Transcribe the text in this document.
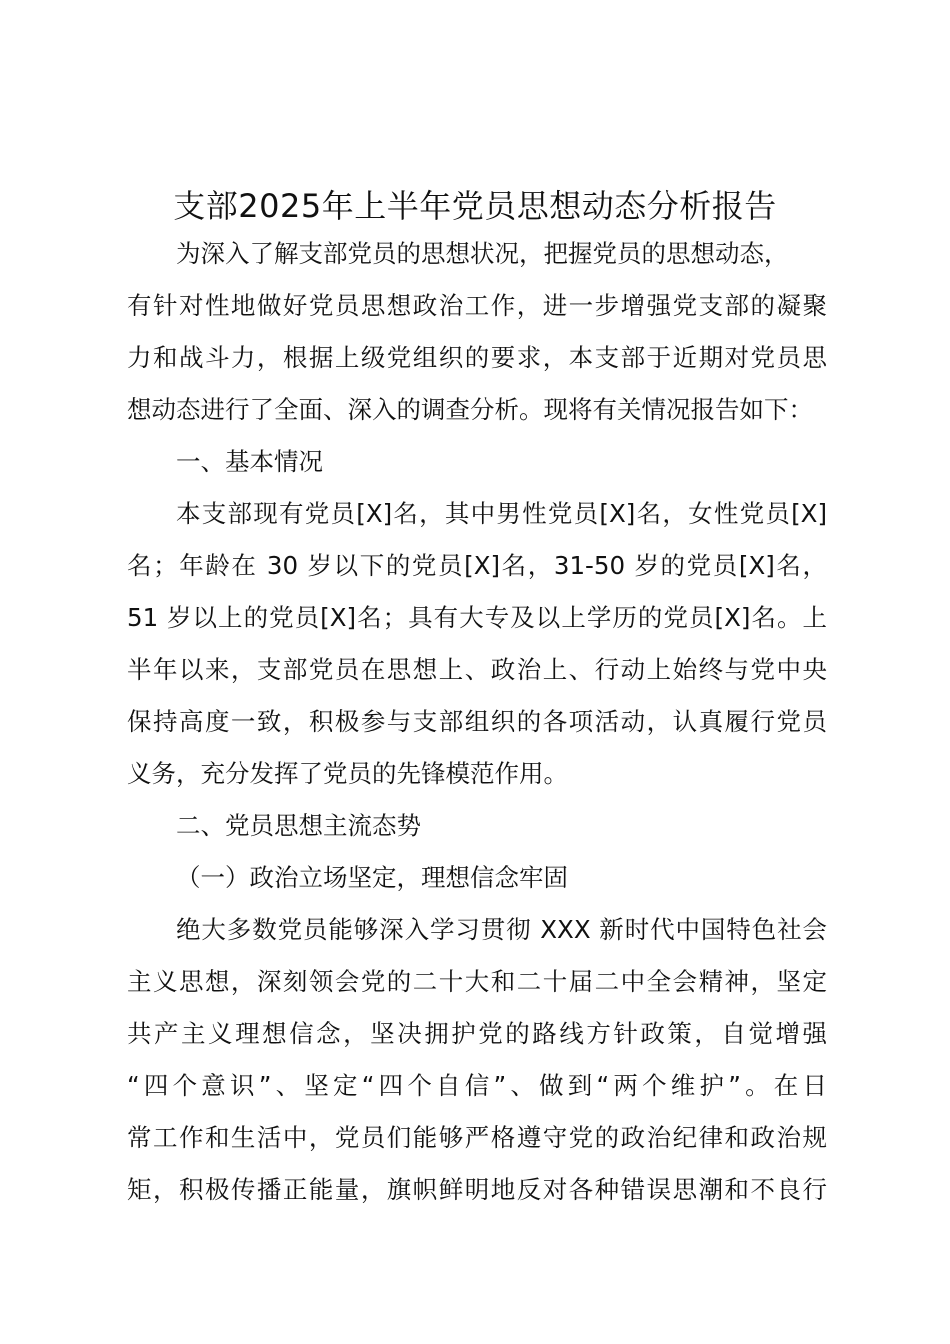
支部2025年上半年党员思想动态分析报告
为深入了解支部党员的思想状况，把握党员的思想动态，
有针对性地做好党员思想政治工作，进一步增强党支部的凝聚
力和战斗力，根据上级党组织的要求，本支部于近期对党员思
想动态进行了全面、深入的调查分析。现将有关情况报告如下：
一、基本情况
本支部现有党员[X]名，其中男性党员[X]名，女性党员[X]
名；年龄在 30 岁以下的党员[X]名，31-50 岁的党员[X]名，
51 岁以上的党员[X]名；具有大专及以上学历的党员[X]名。上
半年以来，支部党员在思想上、政治上、行动上始终与党中央
保持高度一致，积极参与支部组织的各项活动，认真履行党员
义务，充分发挥了党员的先锋模范作用。
二、党员思想主流态势
（一）政治立场坚定，理想信念牢固
绝大多数党员能够深入学习贯彻 XXX 新时代中国特色社会
主义思想，深刻领会党的二十大和二十届二中全会精神，坚定
共产主义理想信念，坚决拥护党的路线方针政策，自觉增强
“四个意识”、坚定“四个自信”、做到“两个维护”。在日
常工作和生活中，党员们能够严格遵守党的政治纪律和政治规
矩，积极传播正能量，旗帜鲜明地反对各种错误思潮和不良行
